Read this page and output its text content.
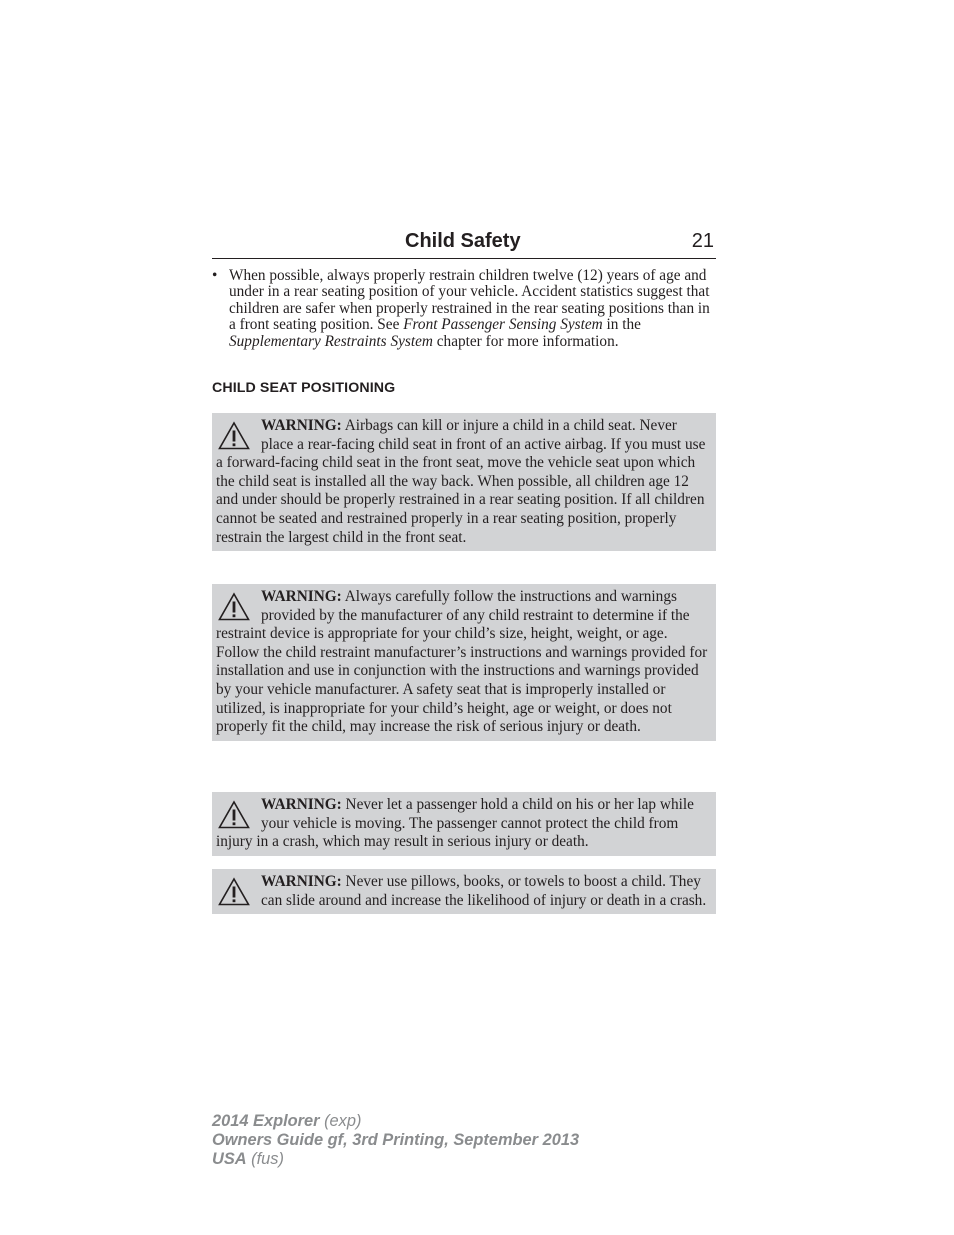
Child Safety	21
• When possible, always properly restrain children twelve (12) years of age and under in a rear seating position of your vehicle. Accident statistics suggest that children are safer when properly restrained in the rear seating positions than in a front seating position. See Front Passenger Sensing System in the Supplementary Restraints System chapter for more information.
CHILD SEAT POSITIONING
WARNING: Airbags can kill or injure a child in a child seat. Never place a rear-facing child seat in front of an active airbag. If you must use a forward-facing child seat in the front seat, move the vehicle seat upon which the child seat is installed all the way back. When possible, all children age 12 and under should be properly restrained in a rear seating position. If all children cannot be seated and restrained properly in a rear seating position, properly restrain the largest child in the front seat.
WARNING: Always carefully follow the instructions and warnings provided by the manufacturer of any child restraint to determine if the restraint device is appropriate for your child’s size, height, weight, or age. Follow the child restraint manufacturer’s instructions and warnings provided for installation and use in conjunction with the instructions and warnings provided by your vehicle manufacturer. A safety seat that is improperly installed or utilized, is inappropriate for your child’s height, age or weight, or does not properly fit the child, may increase the risk of serious injury or death.
WARNING: Never let a passenger hold a child on his or her lap while your vehicle is moving. The passenger cannot protect the child from injury in a crash, which may result in serious injury or death.
WARNING: Never use pillows, books, or towels to boost a child. They can slide around and increase the likelihood of injury or death in a crash.
2014 Explorer (exp)
Owners Guide gf, 3rd Printing, September 2013
USA (fus)
